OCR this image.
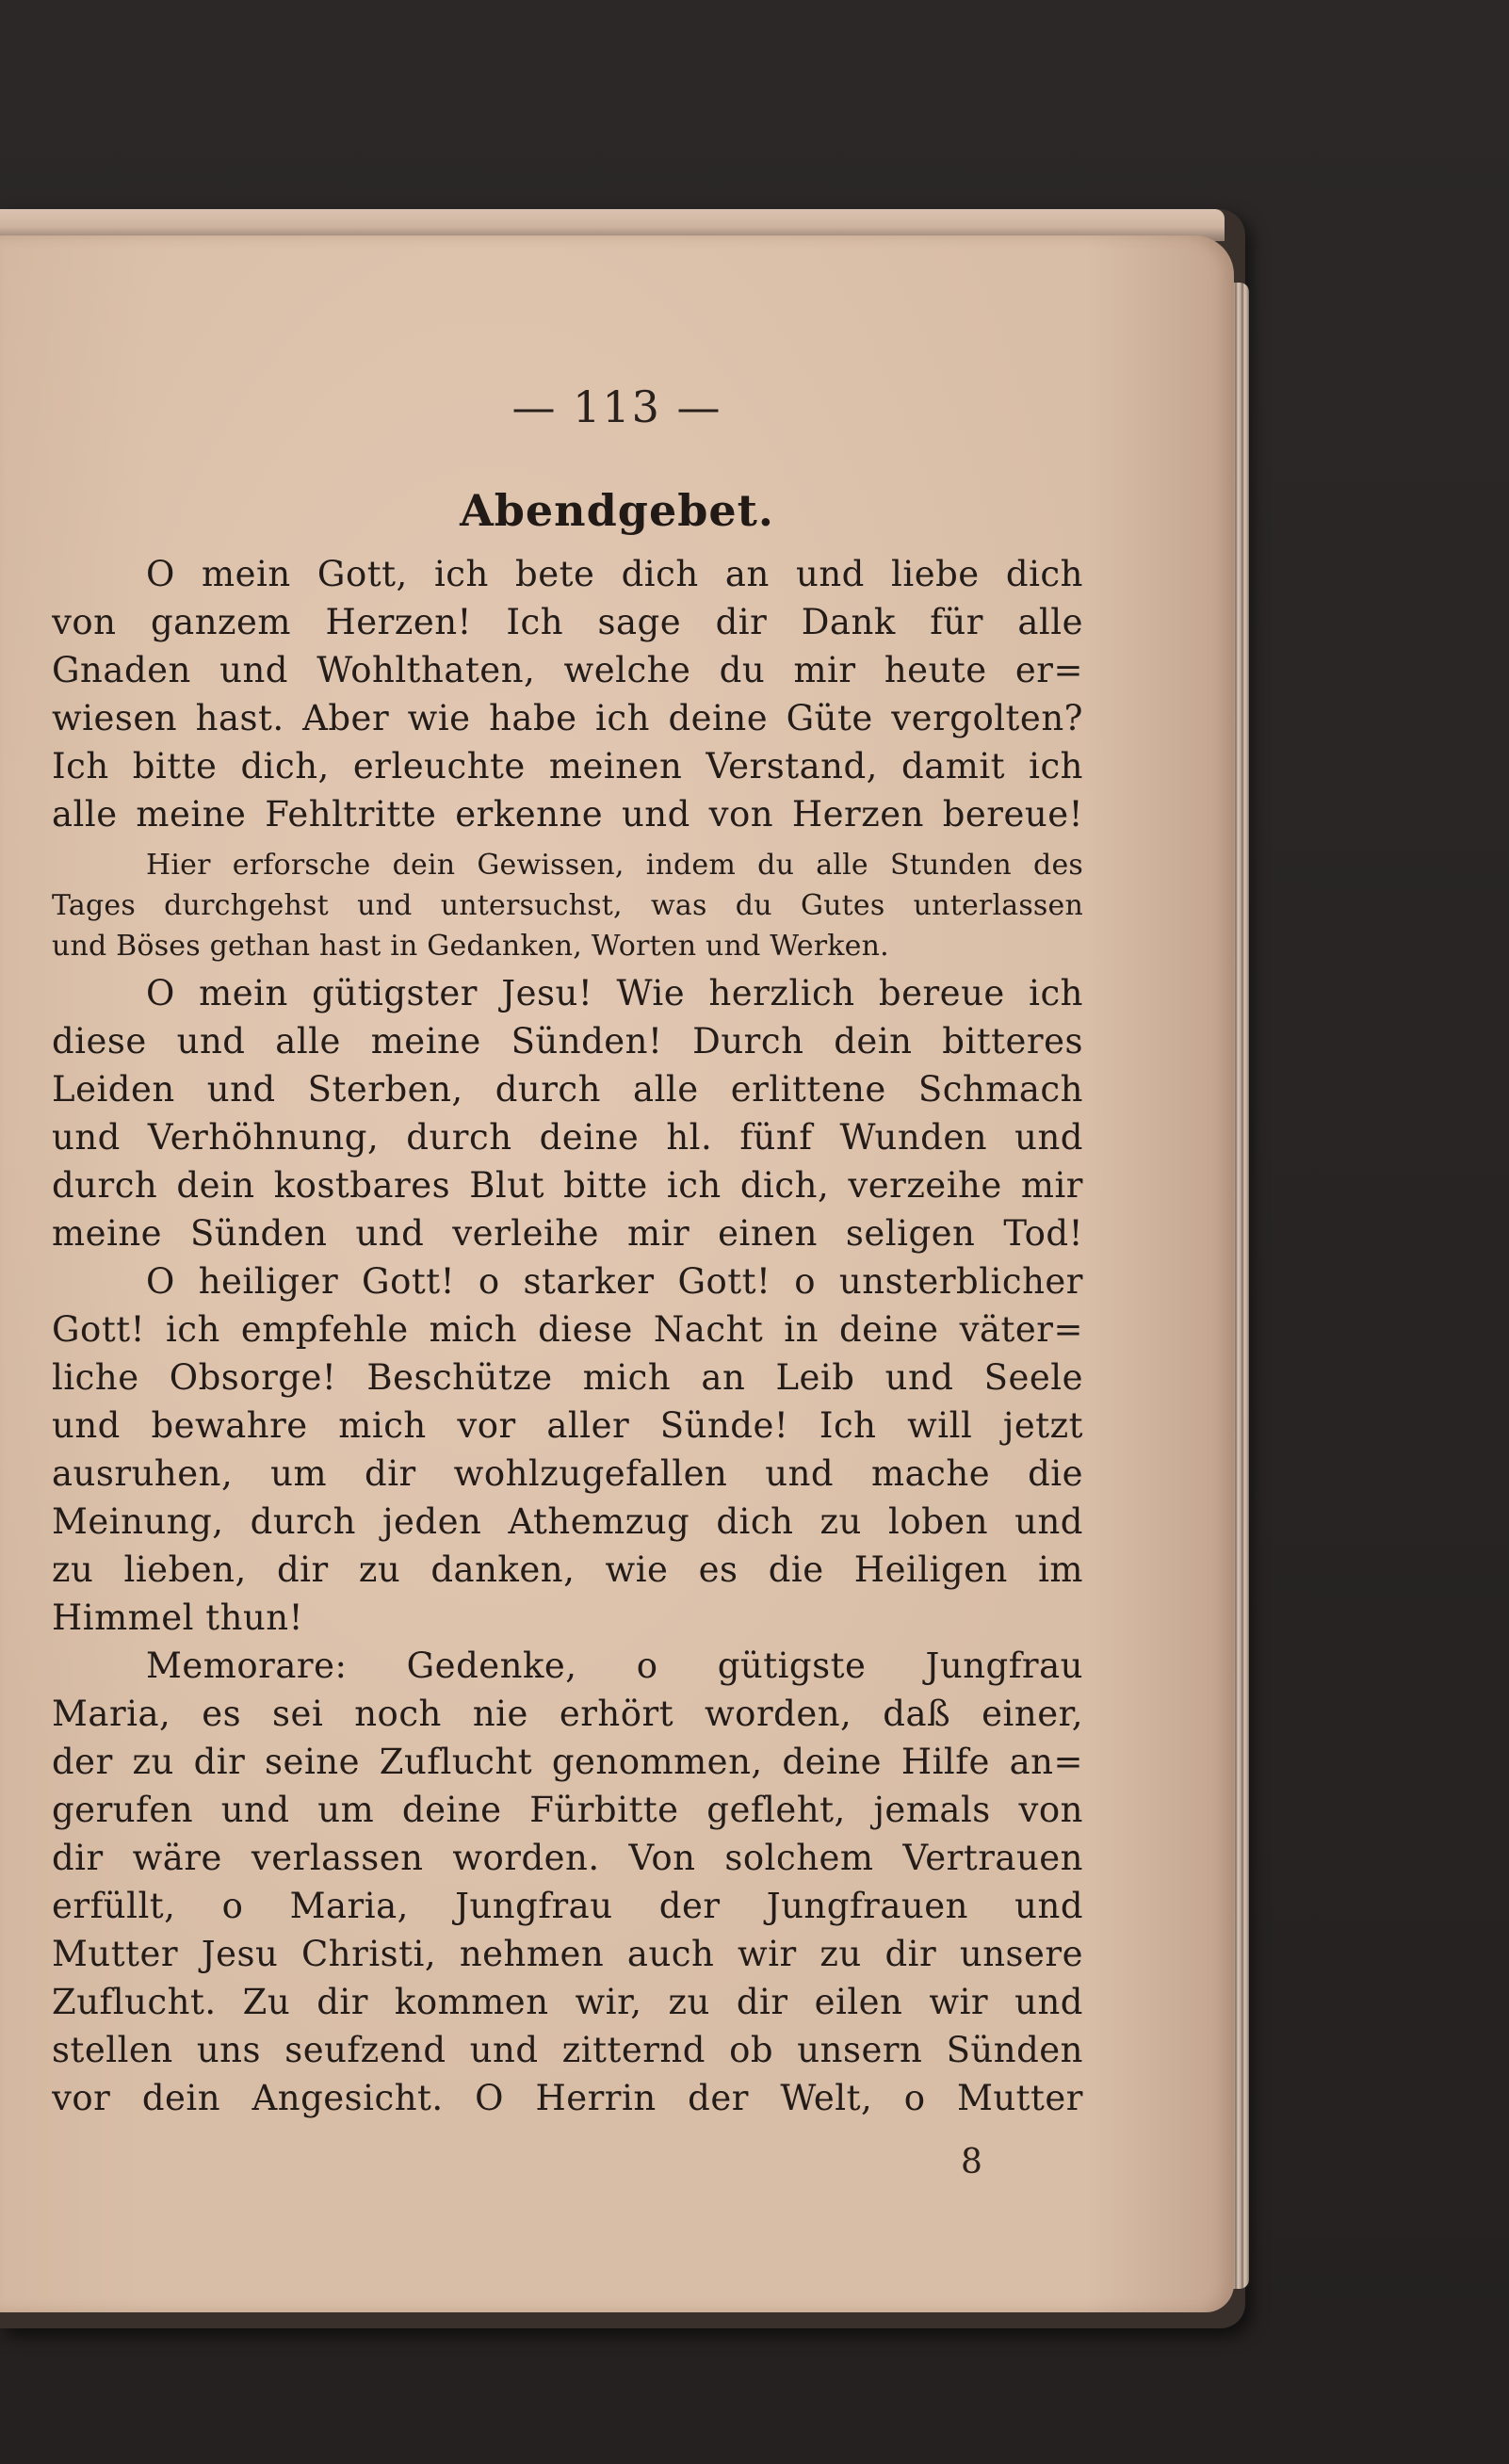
— 113 —
Abendgebet.
O mein Gott, ich bete dich an und liebe dich
von ganzem Herzen! Ich sage dir Dank für alle
Gnaden und Wohlthaten, welche du mir heute er=
wiesen hast. Aber wie habe ich deine Güte vergolten?
Ich bitte dich, erleuchte meinen Verstand, damit ich
alle meine Fehltritte erkenne und von Herzen bereue!
Hier erforsche dein Gewissen, indem du alle Stunden des
Tages durchgehst und untersuchst, was du Gutes unterlassen
und Böses gethan hast in Gedanken, Worten und Werken.
O mein gütigster Jesu! Wie herzlich bereue ich
diese und alle meine Sünden! Durch dein bitteres
Leiden und Sterben, durch alle erlittene Schmach
und Verhöhnung, durch deine hl. fünf Wunden und
durch dein kostbares Blut bitte ich dich, verzeihe mir
meine Sünden und verleihe mir einen seligen Tod!
O heiliger Gott! o starker Gott! o unsterblicher
Gott! ich empfehle mich diese Nacht in deine väter=
liche Obsorge! Beschütze mich an Leib und Seele
und bewahre mich vor aller Sünde! Ich will jetzt
ausruhen, um dir wohlzugefallen und mache die
Meinung, durch jeden Athemzug dich zu loben und
zu lieben, dir zu danken, wie es die Heiligen im
Himmel thun!
Memorare: Gedenke, o gütigste Jungfrau
Maria, es sei noch nie erhört worden, daß einer,
der zu dir seine Zuflucht genommen, deine Hilfe an=
gerufen und um deine Fürbitte gefleht, jemals von
dir wäre verlassen worden. Von solchem Vertrauen
erfüllt, o Maria, Jungfrau der Jungfrauen und
Mutter Jesu Christi, nehmen auch wir zu dir unsere
Zuflucht. Zu dir kommen wir, zu dir eilen wir und
stellen uns seufzend und zitternd ob unsern Sünden
vor dein Angesicht. O Herrin der Welt, o Mutter
8
